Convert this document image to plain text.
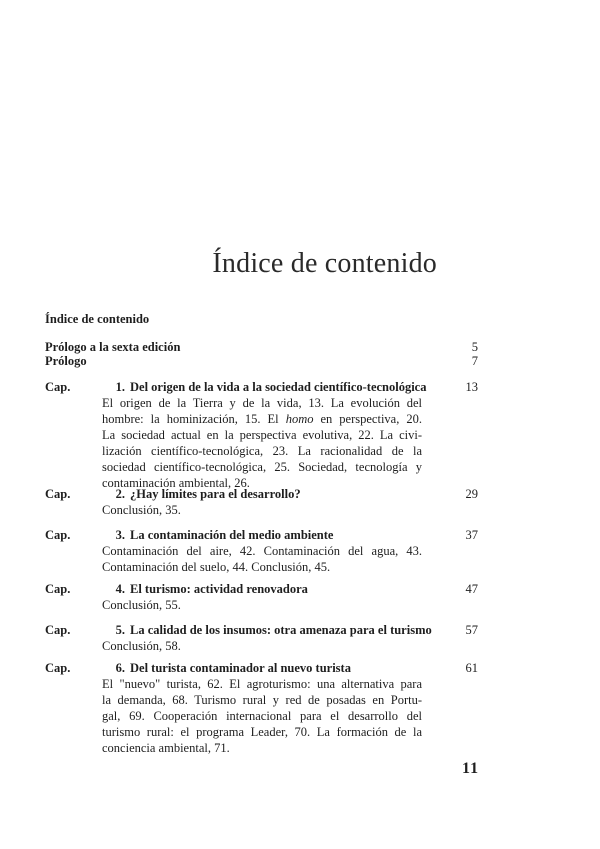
Índice de contenido
Índice de contenido
Prólogo a la sexta edición	5
Prólogo	7
Cap.	1. Del origen de la vida a la sociedad científico-tecnológica	13
El origen de la Tierra y de la vida, 13. La evolución del
hombre: la hominización, 15. El homo en perspectiva, 20.
La sociedad actual en la perspectiva evolutiva, 22. La civi-
lización científico-tecnológica, 23. La racionalidad de la
sociedad científico-tecnológica, 25. Sociedad, tecnología y
contaminación ambiental, 26.
Cap.	2. ¿Hay límites para el desarrollo?	29
Conclusión, 35.
Cap.	3. La contaminación del medio ambiente	37
Contaminación del aire, 42. Contaminación del agua, 43.
Contaminación del suelo, 44. Conclusión, 45.
Cap.	4. El turismo: actividad renovadora	47
Conclusión, 55.
Cap.	5. La calidad de los insumos: otra amenaza para el turismo	57
Conclusión, 58.
Cap.	6. Del turista contaminador al nuevo turista	61
El "nuevo" turista, 62. El agroturismo: una alternativa para
la demanda, 68. Turismo rural y red de posadas en Portu-
gal, 69. Cooperación internacional para el desarrollo del
turismo rural: el programa Leader, 70. La formación de la
conciencia ambiental, 71.
11
